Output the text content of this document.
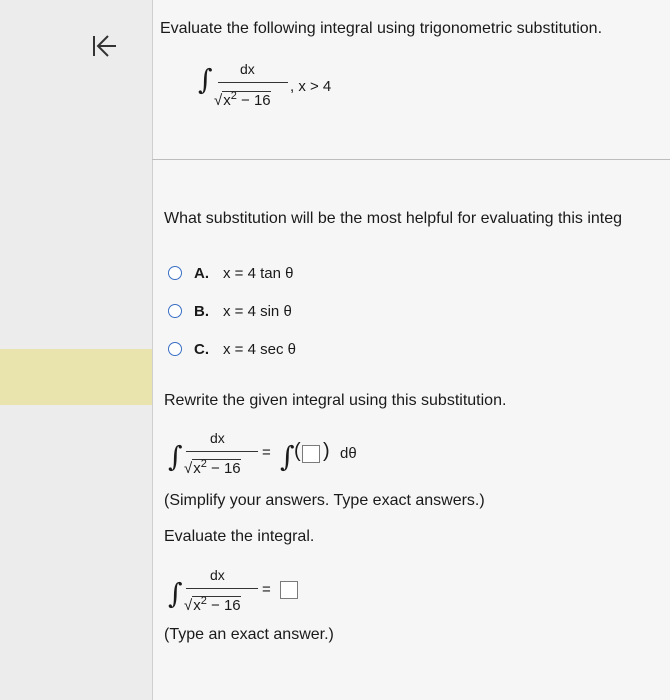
Evaluate the following integral using trigonometric substitution.
∫ dx
$√x^2 - 16$
, x > 4
What substitution will be the most helpful for evaluating this integ
A. x = 4 tan θ
B. x = 4 sin θ
C. x = 4 sec θ
Rewrite the given integral using this substitution.
∫
dx
$√x^2 - 16$
= ∫ ( ) dθ
(Simplify your answers. Type exact answers.)
Evaluate the integral.
∫
dx
$√x^2 - 16$
=
(Type an exact answer.)
